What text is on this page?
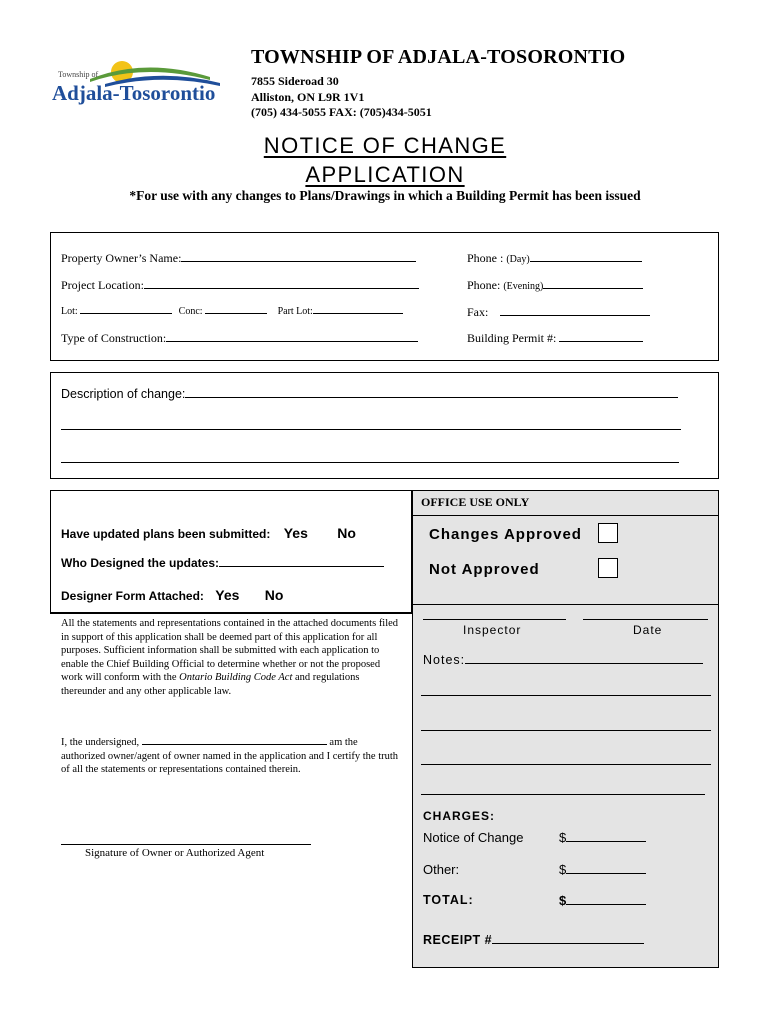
Township of
Adjala-Tosorontio
TOWNSHIP OF ADJALA-TOSORONTIO
7855 Sideroad 30
Alliston, ON L9R 1V1
(705) 434-5055 FAX: (705)434-5051
NOTICE OF CHANGE
APPLICATION
*For use with any changes to Plans/Drawings in which a Building Permit has been issued
Property Owner’s Name:
Project Location:
Lot:	Conc:	Part Lot:
Type of Construction:
Phone : (Day)
Phone: (Evening)
Fax:
Building Permit #:
Description of change:
Have updated plans been submitted: Yes No
Who Designed the updates:
Designer Form Attached: Yes No
All the statements and representations contained in the attached documents filed in support of this application shall be deemed part of this application for all purposes. Sufficient information shall be submitted with each application to enable the Chief Building Official to determine whether or not the proposed work will conform with the Ontario Building Code Act and regulations thereunder and any other applicable law.
I, the undersigned,	am the authorized owner/agent of owner named in the application and I certify the truth of all the statements or representations contained therein.
Signature of Owner or Authorized Agent
OFFICE USE ONLY
Changes Approved
Not Approved
Inspector	Date
Notes:
CHARGES:
Notice of Change	$
Other:	$
TOTAL:	$
RECEIPT #
